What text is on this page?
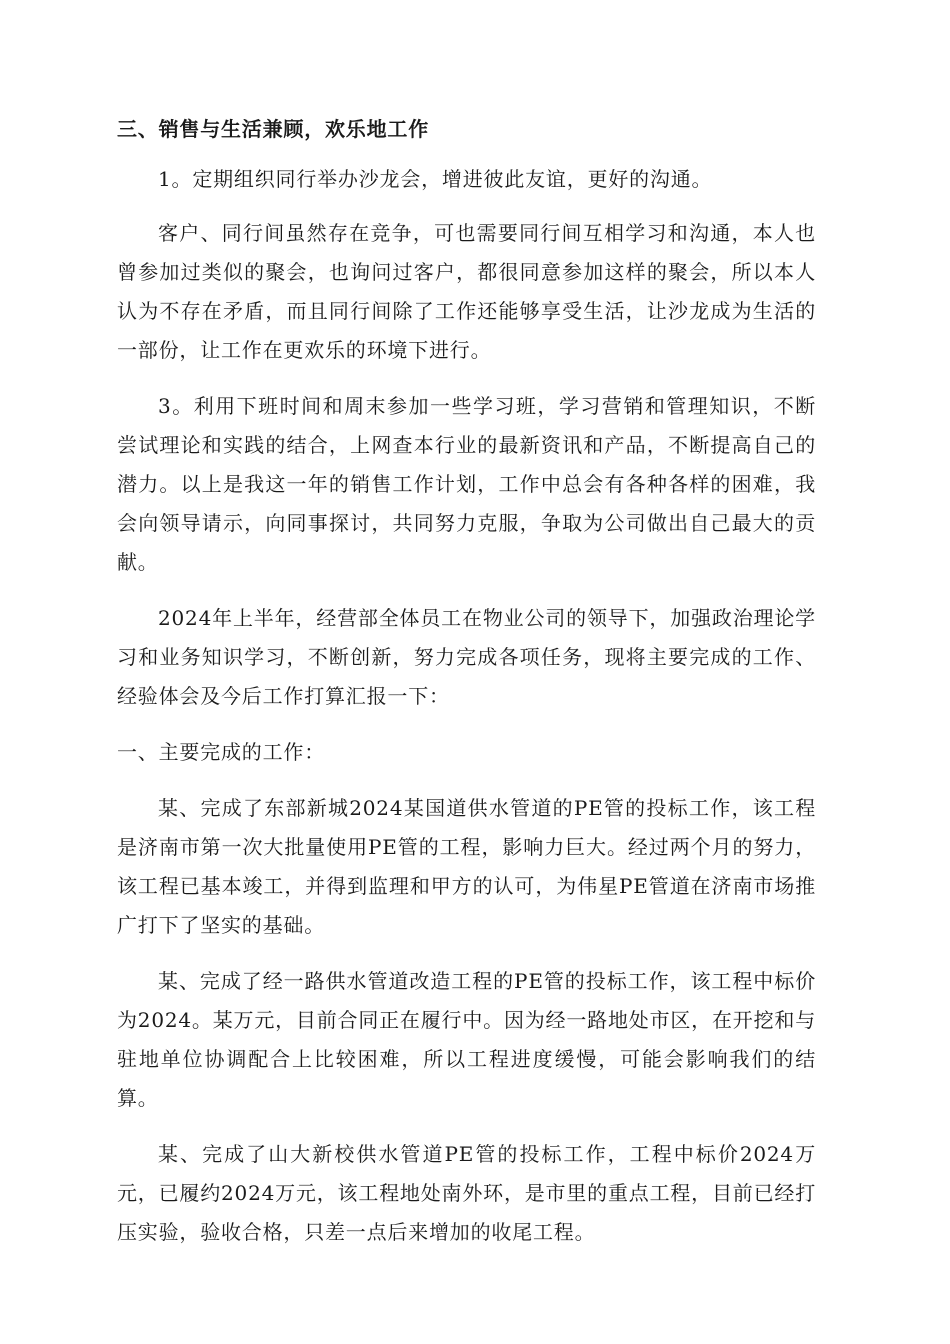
三、销售与生活兼顾，欢乐地工作

1。定期组织同行举办沙龙会，增进彼此友谊，更好的沟通。

客户、同行间虽然存在竞争，可也需要同行间互相学习和沟通，本人也曾参加过类似的聚会，也询问过客户，都很同意参加这样的聚会，所以本人认为不存在矛盾，而且同行间除了工作还能够享受生活，让沙龙成为生活的一部份，让工作在更欢乐的环境下进行。

3。利用下班时间和周末参加一些学习班，学习营销和管理知识，不断尝试理论和实践的结合，上网查本行业的最新资讯和产品，不断提高自己的潜力。以上是我这一年的销售工作计划，工作中总会有各种各样的困难，我会向领导请示，向同事探讨，共同努力克服，争取为公司做出自己最大的贡献。

2024年上半年，经营部全体员工在物业公司的领导下，加强政治理论学习和业务知识学习，不断创新，努力完成各项任务，现将主要完成的工作、经验体会及今后工作打算汇报一下：

一、主要完成的工作：

某、完成了东部新城2024某国道供水管道的PE管的投标工作，该工程是济南市第一次大批量使用PE管的工程，影响力巨大。经过两个月的努力，该工程已基本竣工，并得到监理和甲方的认可，为伟星PE管道在济南市场推广打下了坚实的基础。

某、完成了经一路供水管道改造工程的PE管的投标工作，该工程中标价为2024。某万元，目前合同正在履行中。因为经一路地处市区，在开挖和与驻地单位协调配合上比较困难，所以工程进度缓慢，可能会影响我们的结算。

某、完成了山大新校供水管道PE管的投标工作，工程中标价2024万元，已履约2024万元，该工程地处南外环，是市里的重点工程，目前已经打压实验，验收合格，只差一点后来增加的收尾工程。
